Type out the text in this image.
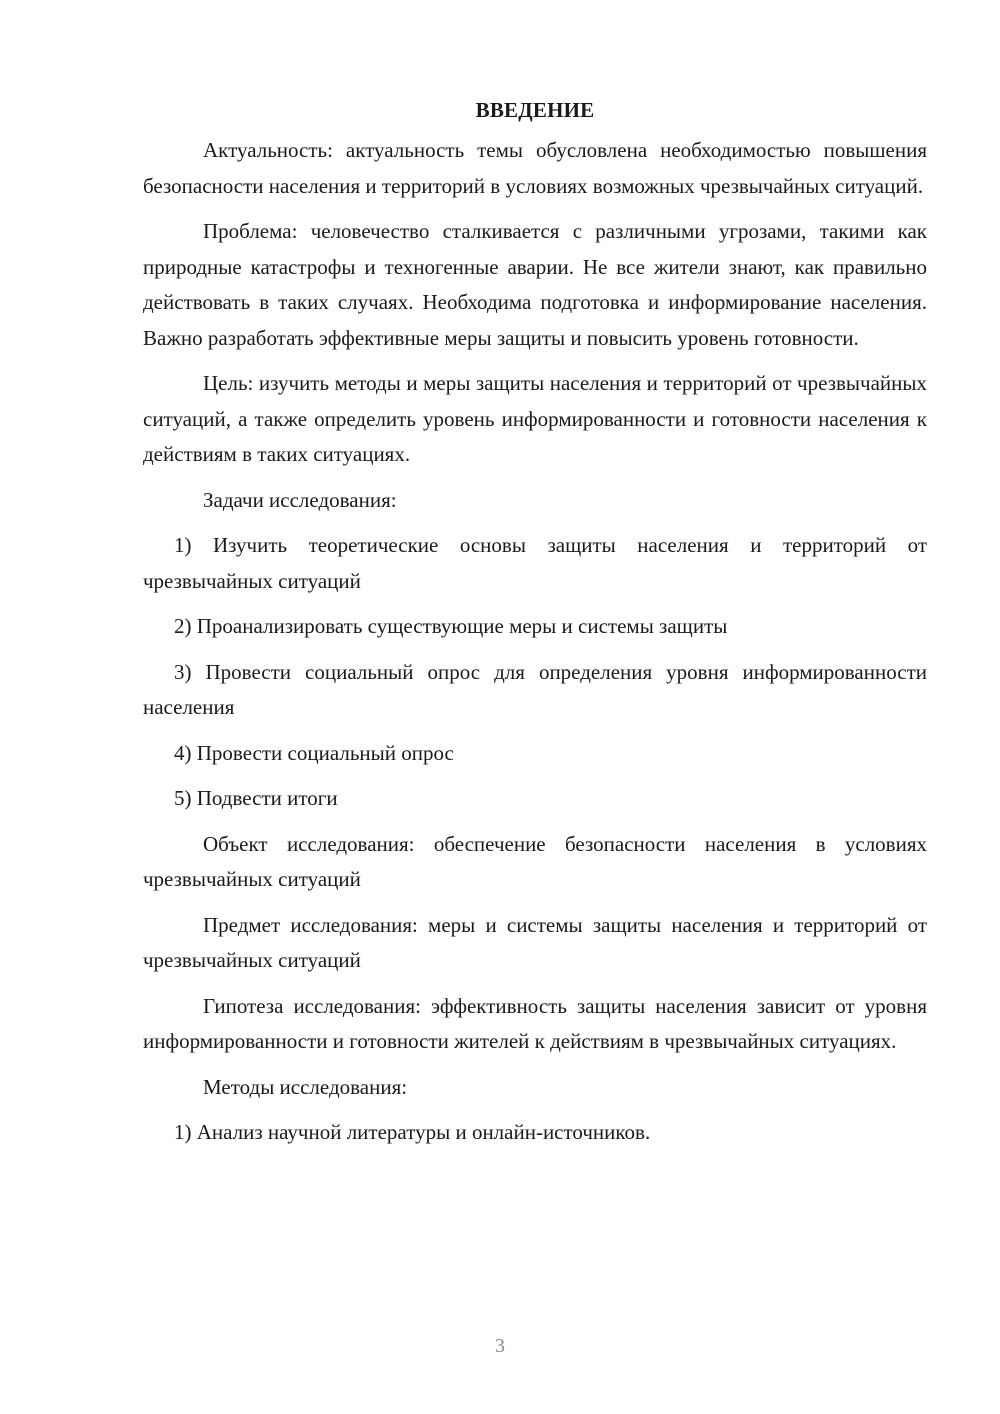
ВВЕДЕНИЕ

Актуальность: актуальность темы обусловлена необходимостью повышения безопасности населения и территорий в условиях возможных чрезвычайных ситуаций.

Проблема: человечество сталкивается с различными угрозами, такими как природные катастрофы и техногенные аварии. Не все жители знают, как правильно действовать в таких случаях. Необходима подготовка и информирование населения. Важно разработать эффективные меры защиты и повысить уровень готовности.

Цель: изучить методы и меры защиты населения и территорий от чрезвычайных ситуаций, а также определить уровень информированности и готовности населения к действиям в таких ситуациях.

Задачи исследования:

1) Изучить теоретические основы защиты населения и территорий от чрезвычайных ситуаций

2) Проанализировать существующие меры и системы защиты

3) Провести социальный опрос для определения уровня информированности населения

4) Провести социальный опрос

5) Подвести итоги

Объект исследования: обеспечение безопасности населения в условиях чрезвычайных ситуаций

Предмет исследования: меры и системы защиты населения и территорий от чрезвычайных ситуаций

Гипотеза исследования: эффективность защиты населения зависит от уровня информированности и готовности жителей к действиям в чрезвычайных ситуациях.

Методы исследования:

1) Анализ научной литературы и онлайн-источников.

3
